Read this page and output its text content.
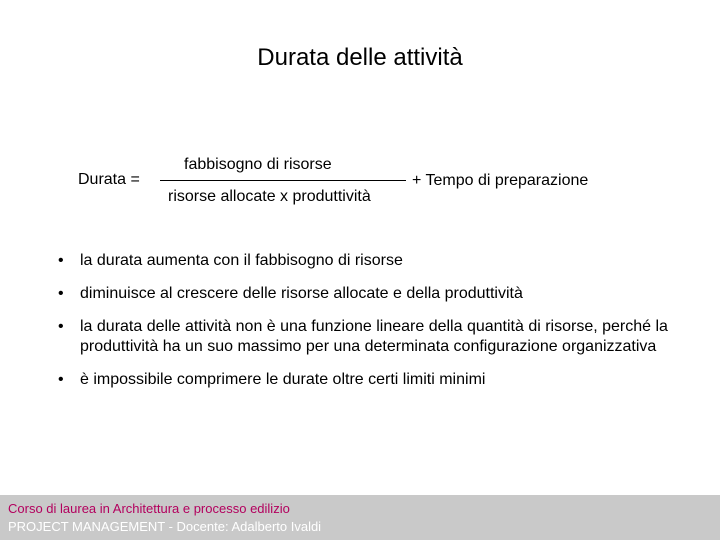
Durata delle attività
Durata =
fabbisogno di risorse
risorse allocate x produttività
+ Tempo di preparazione
• la durata aumenta con il fabbisogno di risorse
• diminuisce al crescere delle risorse allocate e della produttività
• la durata delle attività non è una funzione lineare della quantità di risorse, perché la produttività ha un suo massimo per una determinata configurazione organizzativa
• è impossibile comprimere le durate oltre certi limiti minimi
Corso di laurea in Architettura e processo edilizio
PROJECT MANAGEMENT - Docente: Adalberto Ivaldi
